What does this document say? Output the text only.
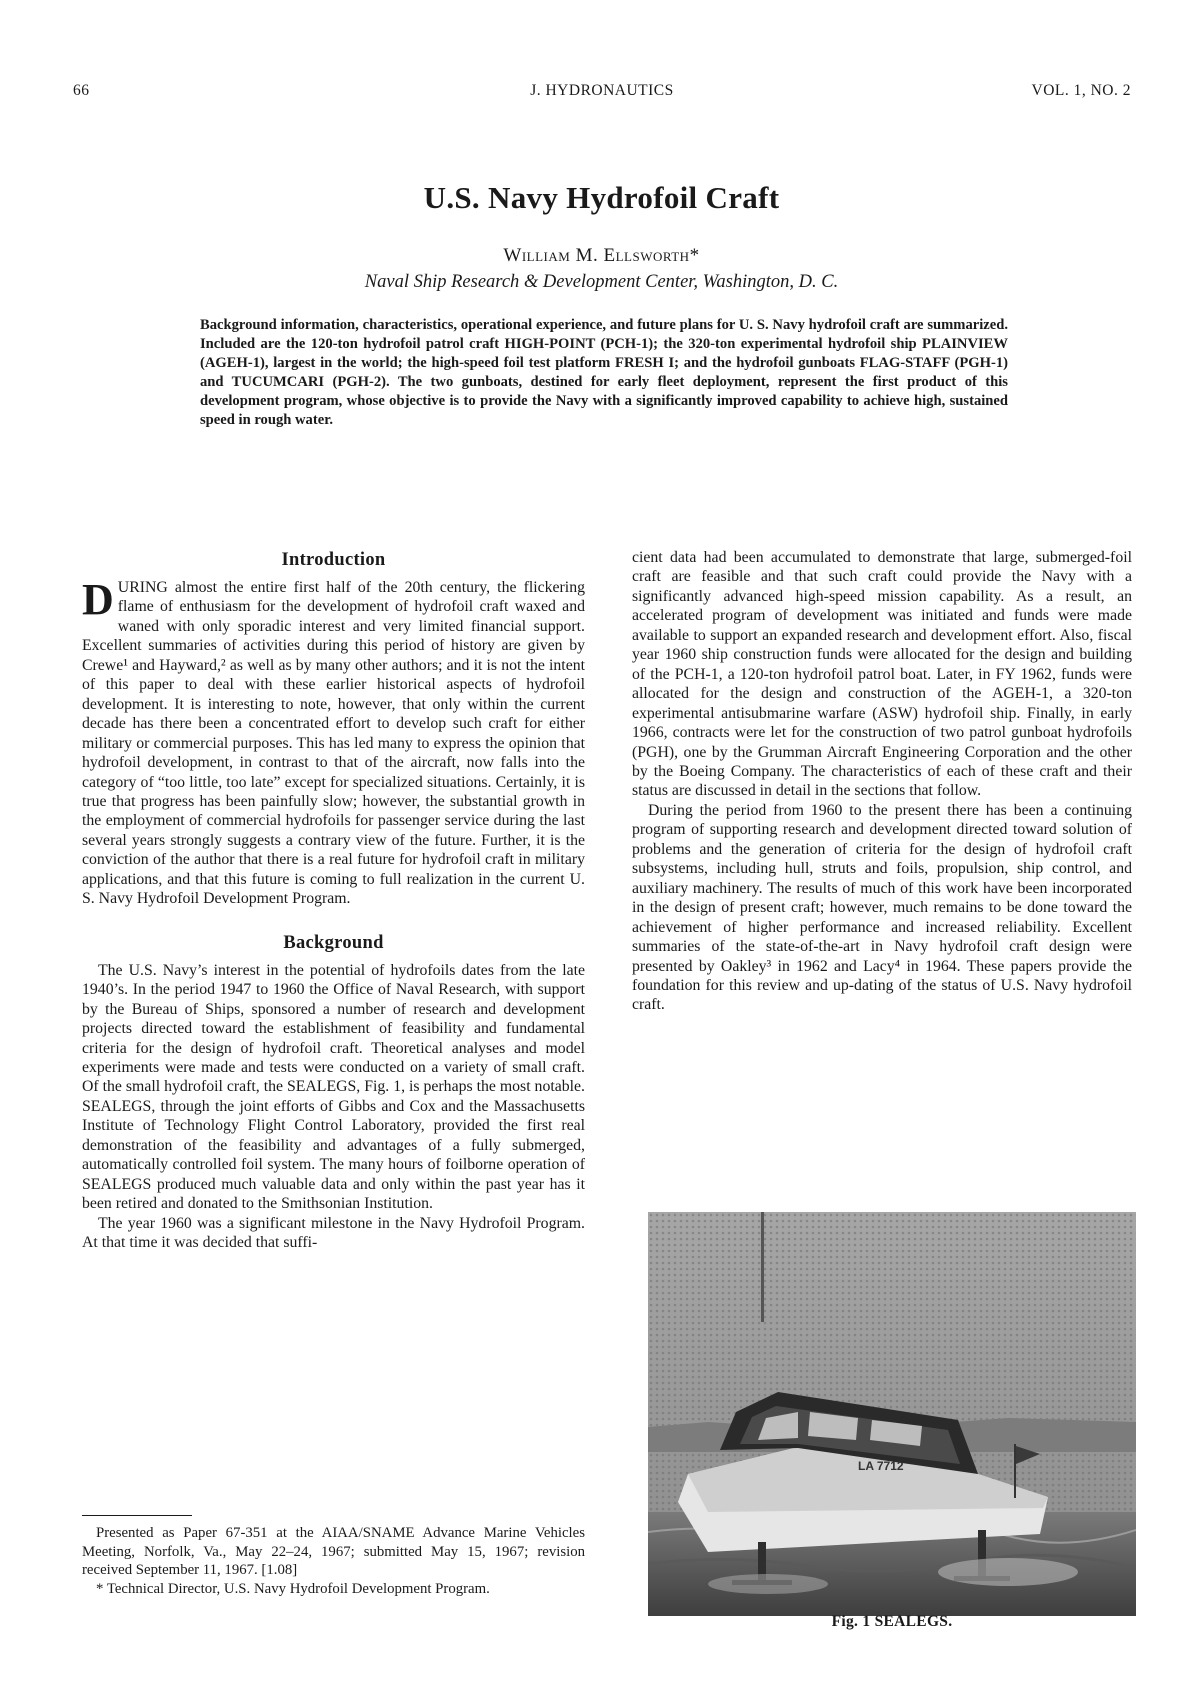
66	J. HYDRONAUTICS	VOL. 1, NO. 2
U.S. Navy Hydrofoil Craft
William M. Ellsworth*
Naval Ship Research & Development Center, Washington, D. C.

Background information, characteristics, operational experience, and future plans for U. S. Navy hydrofoil craft are summarized. Included are the 120-ton hydrofoil patrol craft HIGH-POINT (PCH-1); the 320-ton experimental hydrofoil ship PLAINVIEW (AGEH-1), largest in the world; the high-speed foil test platform FRESH I; and the hydrofoil gunboats FLAG-STAFF (PGH-1) and TUCUMCARI (PGH-2). The two gunboats, destined for early fleet deployment, represent the first product of this development program, whose objective is to provide the Navy with a significantly improved capability to achieve high, sustained speed in rough water.

Introduction

DURING almost the entire first half of the 20th century, the flickering flame of enthusiasm for the development of hydrofoil craft waxed and waned with only sporadic interest and very limited financial support. Excellent summaries of activities during this period of history are given by Crewe¹ and Hayward,² as well as by many other authors; and it is not the intent of this paper to deal with these earlier historical aspects of hydrofoil development. It is interesting to note, however, that only within the current decade has there been a concentrated effort to develop such craft for either military or commercial purposes. This has led many to express the opinion that hydrofoil development, in contrast to that of the aircraft, now falls into the category of “too little, too late” except for specialized situations. Certainly, it is true that progress has been painfully slow; however, the substantial growth in the employment of commercial hydrofoils for passenger service during the last several years strongly suggests a contrary view of the future. Further, it is the conviction of the author that there is a real future for hydrofoil craft in military applications, and that this future is coming to full realization in the current U. S. Navy Hydrofoil Development Program.

Background

The U.S. Navy’s interest in the potential of hydrofoils dates from the late 1940’s. In the period 1947 to 1960 the Office of Naval Research, with support by the Bureau of Ships, sponsored a number of research and development projects directed toward the establishment of feasibility and fundamental criteria for the design of hydrofoil craft. Theoretical analyses and model experiments were made and tests were conducted on a variety of small craft. Of the small hydrofoil craft, the SEALEGS, Fig. 1, is perhaps the most notable. SEALEGS, through the joint efforts of Gibbs and Cox and the Massachusetts Institute of Technology Flight Control Laboratory, provided the first real demonstration of the feasibility and advantages of a fully submerged, automatically controlled foil system. The many hours of foilborne operation of SEALEGS produced much valuable data and only within the past year has it been retired and donated to the Smithsonian Institution.

The year 1960 was a significant milestone in the Navy Hydrofoil Program. At that time it was decided that suffi-

cient data had been accumulated to demonstrate that large, submerged-foil craft are feasible and that such craft could provide the Navy with a significantly advanced high-speed mission capability. As a result, an accelerated program of development was initiated and funds were made available to support an expanded research and development effort. Also, fiscal year 1960 ship construction funds were allocated for the design and building of the PCH-1, a 120-ton hydrofoil patrol boat. Later, in FY 1962, funds were allocated for the design and construction of the AGEH-1, a 320-ton experimental antisubmarine warfare (ASW) hydrofoil ship. Finally, in early 1966, contracts were let for the construction of two patrol gunboat hydrofoils (PGH), one by the Grumman Aircraft Engineering Corporation and the other by the Boeing Company. The characteristics of each of these craft and their status are discussed in detail in the sections that follow.

During the period from 1960 to the present there has been a continuing program of supporting research and development directed toward solution of problems and the generation of criteria for the design of hydrofoil craft subsystems, including hull, struts and foils, propulsion, ship control, and auxiliary machinery. The results of much of this work have been incorporated in the design of present craft; however, much remains to be done toward the achievement of higher performance and increased reliability. Excellent summaries of the state-of-the-art in Navy hydrofoil craft design were presented by Oakley³ in 1962 and Lacy⁴ in 1964. These papers provide the foundation for this review and up-dating of the status of U.S. Navy hydrofoil craft.

Presented as Paper 67-351 at the AIAA/SNAME Advance Marine Vehicles Meeting, Norfolk, Va., May 22–24, 1967; submitted May 15, 1967; revision received September 11, 1967. [1.08]

* Technical Director, U.S. Navy Hydrofoil Development Program.

LA 7712
Fig. 1 SEALEGS.
